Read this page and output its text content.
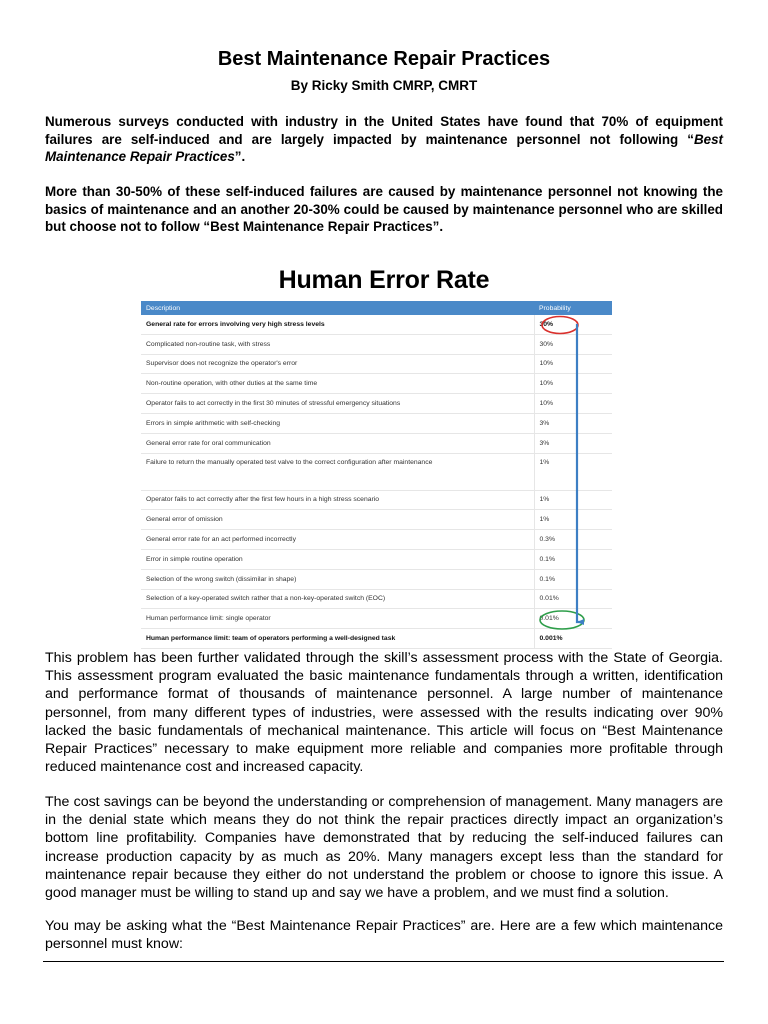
Best Maintenance Repair Practices
By Ricky Smith CMRP, CMRT

Numerous surveys conducted with industry in the United States have found that 70% of equipment failures are self-induced and are largely impacted by maintenance personnel not following “Best Maintenance Repair Practices”.

More than 30-50% of these self-induced failures are caused by maintenance personnel not knowing the basics of maintenance and an another 20-30% could be caused by maintenance personnel who are skilled but choose not to follow “Best Maintenance Repair Practices”.

Human Error Rate
Description	Probability
General rate for errors involving very high stress levels	30%
Complicated non-routine task, with stress	30%
Supervisor does not recognize the operator's error	10%
Non-routine operation, with other duties at the same time	10%
Operator fails to act correctly in the first 30 minutes of stressful emergency situations	10%
Errors in simple arithmetic with self-checking	3%
General error rate for oral communication	3%
Failure to return the manually operated test valve to the correct configuration after maintenance	1%
Operator fails to act correctly after the first few hours in a high stress scenario	1%
General error of omission	1%
General error rate for an act performed incorrectly	0.3%
Error in simple routine operation	0.1%
Selection of the wrong switch (dissimilar in shape)	0.1%
Selection of a key-operated switch rather that a non-key-operated switch (EOC)	0.01%
Human performance limit: single operator	0.01%
Human performance limit: team of operators performing a well-designed task	0.001%

This problem has been further validated through the skill’s assessment process with the State of Georgia. This assessment program evaluated the basic maintenance fundamentals through a written, identification and performance format of thousands of maintenance personnel. A large number of maintenance personnel, from many different types of industries, were assessed with the results indicating over 90% lacked the basic fundamentals of mechanical maintenance. This article will focus on “Best Maintenance Repair Practices” necessary to make equipment more reliable and companies more profitable through reduced maintenance cost and increased capacity.

The cost savings can be beyond the understanding or comprehension of management. Many managers are in the denial state which means they do not think the repair practices directly impact an organization’s bottom line profitability. Companies have demonstrated that by reducing the self-induced failures can increase production capacity by as much as 20%. Many managers except less than the standard for maintenance repair because they either do not understand the problem or choose to ignore this issue. A good manager must be willing to stand up and say we have a problem, and we must find a solution.

You may be asking what the “Best Maintenance Repair Practices” are. Here are a few which maintenance personnel must know:
